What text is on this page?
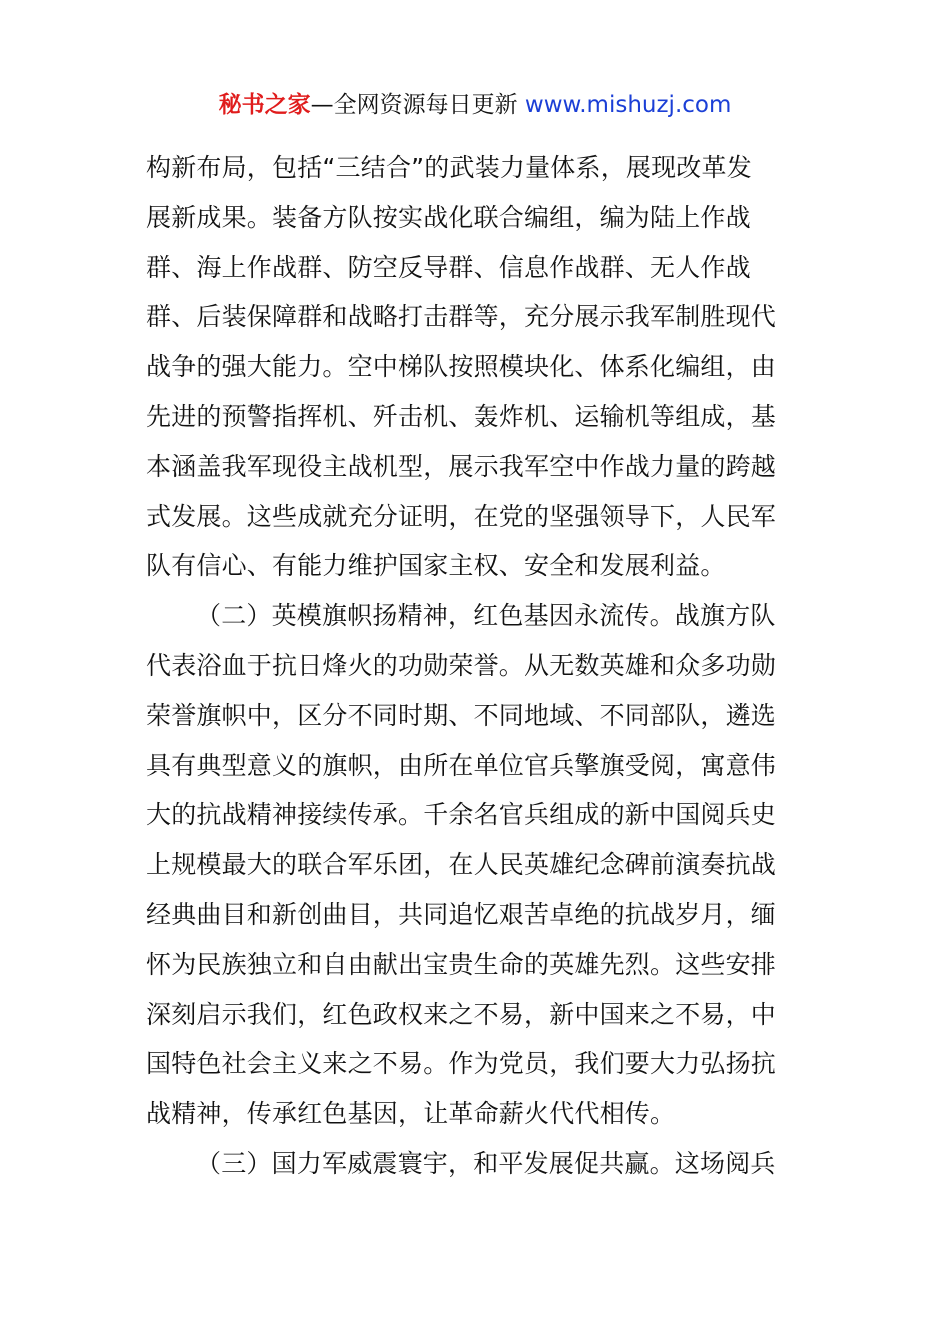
秘书之家—全网资源每日更新 www.mishuzj.com
构新布局，包括“三结合”的武装力量体系，展现改革发
展新成果。装备方队按实战化联合编组，编为陆上作战
群、海上作战群、防空反导群、信息作战群、无人作战
群、后装保障群和战略打击群等，充分展示我军制胜现代
战争的强大能力。空中梯队按照模块化、体系化编组，由
先进的预警指挥机、歼击机、轰炸机、运输机等组成，基
本涵盖我军现役主战机型，展示我军空中作战力量的跨越
式发展。这些成就充分证明，在党的坚强领导下，人民军
队有信心、有能力维护国家主权、安全和发展利益。
（二）英模旗帜扬精神，红色基因永流传。战旗方队
代表浴血于抗日烽火的功勋荣誉。从无数英雄和众多功勋
荣誉旗帜中，区分不同时期、不同地域、不同部队，遴选
具有典型意义的旗帜，由所在单位官兵擎旗受阅，寓意伟
大的抗战精神接续传承。千余名官兵组成的新中国阅兵史
上规模最大的联合军乐团，在人民英雄纪念碑前演奏抗战
经典曲目和新创曲目，共同追忆艰苦卓绝的抗战岁月，缅
怀为民族独立和自由献出宝贵生命的英雄先烈。这些安排
深刻启示我们，红色政权来之不易，新中国来之不易，中
国特色社会主义来之不易。作为党员，我们要大力弘扬抗
战精神，传承红色基因，让革命薪火代代相传。
（三）国力军威震寰宇，和平发展促共赢。这场阅兵
